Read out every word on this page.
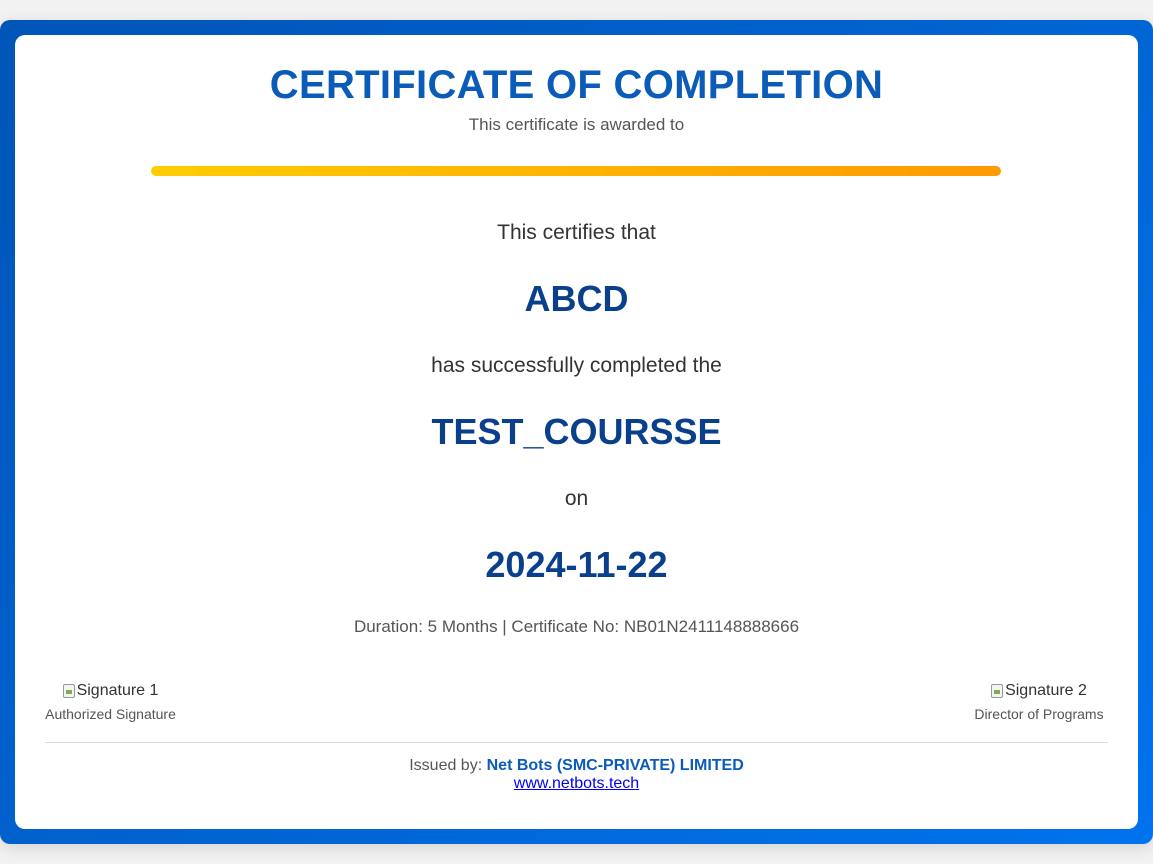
CERTIFICATE OF COMPLETION
This certificate is awarded to
This certifies that
ABCD
has successfully completed the
TEST_COURSSE
on
2024-11-22
Duration: 5 Months | Certificate No: NB01N2411148888666
Signature 1
Authorized Signature
Signature 2
Director of Programs
Issued by: Net Bots (SMC-PRIVATE) LIMITED
www.netbots.tech
